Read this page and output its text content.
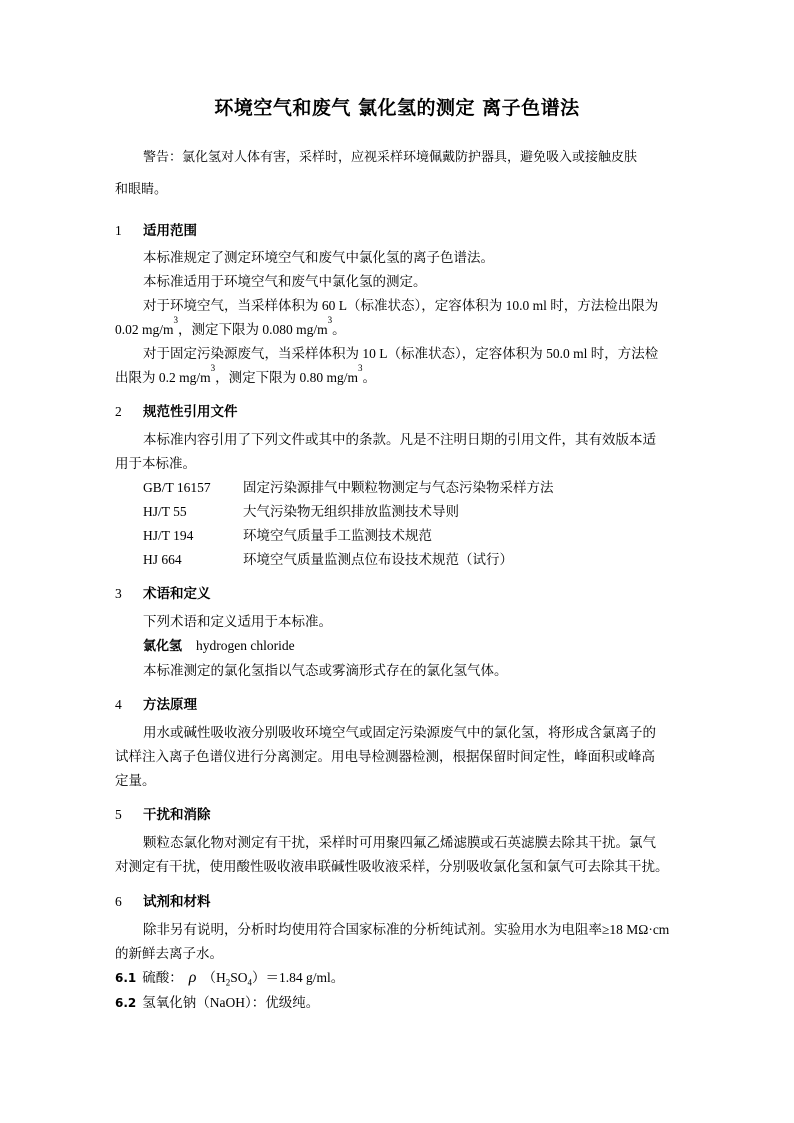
环境空气和废气 氯化氢的测定 离子色谱法
警告：氯化氢对人体有害，采样时，应视采样环境佩戴防护器具，避免吸入或接触皮肤
和眼睛。
1 适用范围
本标准规定了测定环境空气和废气中氯化氢的离子色谱法。
本标准适用于环境空气和废气中氯化氢的测定。
对于环境空气，当采样体积为 60 L（标准状态），定容体积为 10.0 ml 时，方法检出限为
0.02 $mg/m^3$，测定下限为 0.080 $mg/m^3$。
对于固定污染源废气，当采样体积为 10 L（标准状态），定容体积为 50.0 ml 时，方法检
出限为 0.2 $mg/m^3$，测定下限为 0.80 $mg/m^3$。
2 规范性引用文件
本标准内容引用了下列文件或其中的条款。凡是不注明日期的引用文件，其有效版本适
用于本标准。
GB/T 16157 固定污染源排气中颗粒物测定与气态污染物采样方法
HJ/T 55	大气污染物无组织排放监测技术导则
HJ/T 194	环境空气质量手工监测技术规范
HJ 664	环境空气质量监测点位布设技术规范（试行）
3 术语和定义
下列术语和定义适用于本标准。
氯化氢 hydrogen chloride
本标准测定的氯化氢指以气态或雾滴形式存在的氯化氢气体。
4 方法原理
用水或碱性吸收液分别吸收环境空气或固定污染源废气中的氯化氢，将形成含氯离子的
试样注入离子色谱仪进行分离测定。用电导检测器检测，根据保留时间定性，峰面积或峰高
定量。
5 干扰和消除
颗粒态氯化物对测定有干扰，采样时可用聚四氟乙烯滤膜或石英滤膜去除其干扰。氯气
对测定有干扰，使用酸性吸收液串联碱性吸收液采样，分别吸收氯化氢和氯气可去除其干扰。
6 试剂和材料
除非另有说明，分析时均使用符合国家标准的分析纯试剂。实验用水为电阻率≥18 MΩ·cm
的新鲜去离子水。
6.1 硫酸： ρ $(H_2SO_4)=1.84$ g/ml。
6.2 氢氧化钠（NaOH）：优级纯。
